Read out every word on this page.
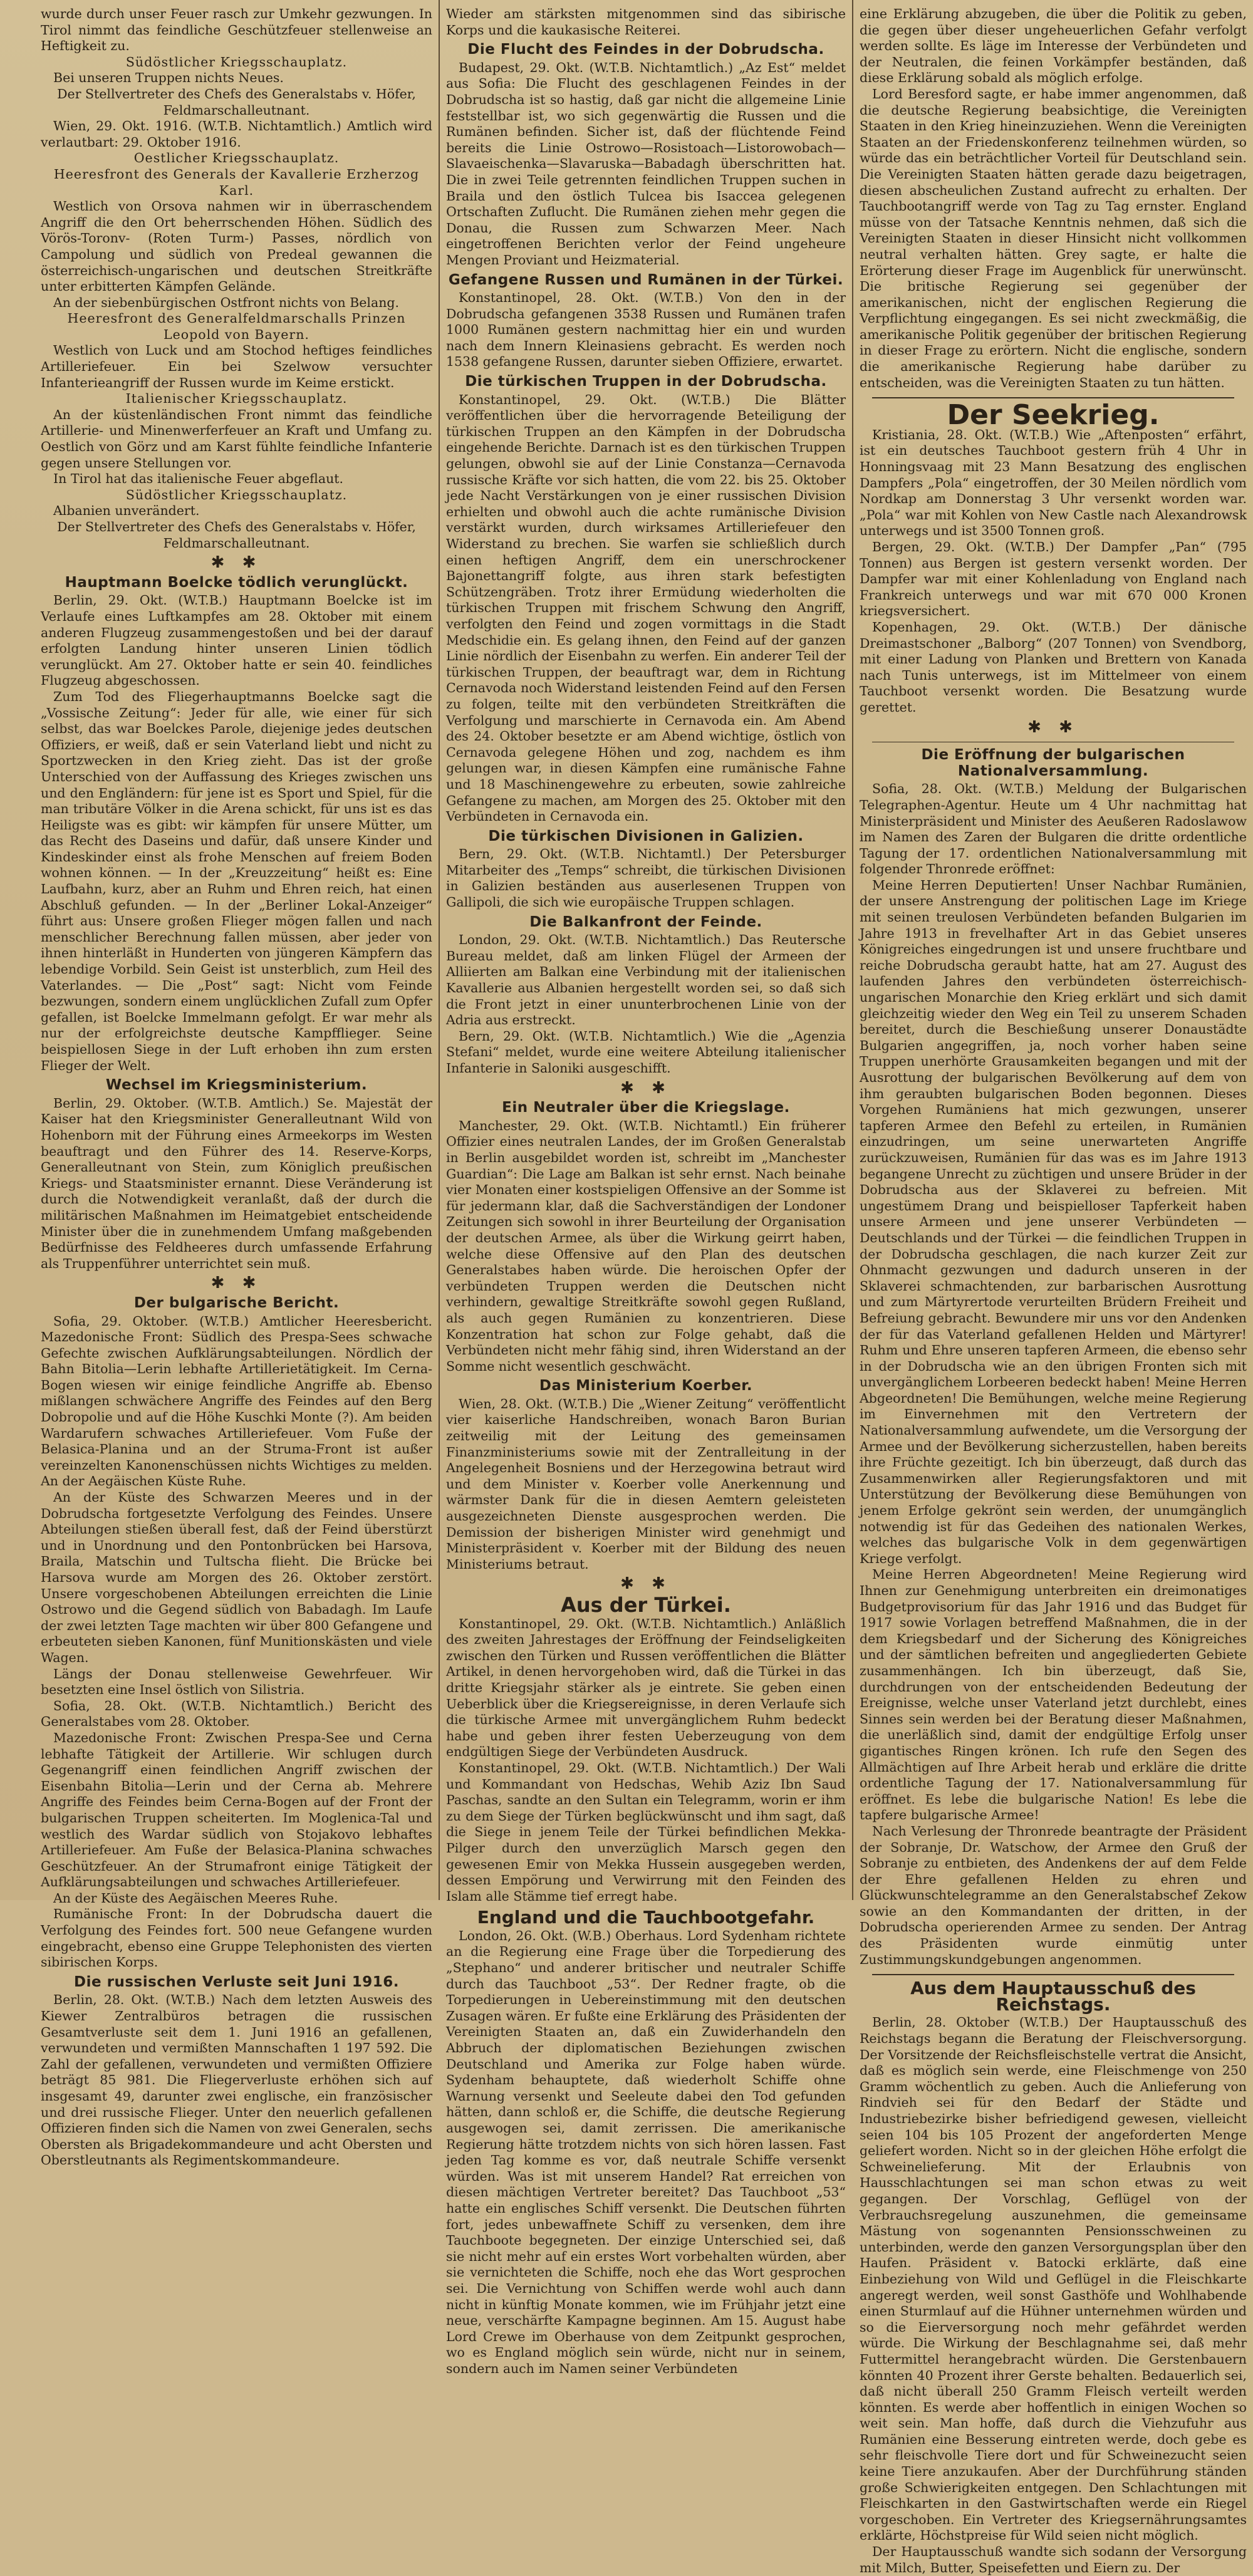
wurde durch unser Feuer rasch zur Umkehr gezwungen. In Tirol nimmt das feindliche Geschützfeuer stellenweise an Heftigkeit zu.

Südöstlicher Kriegsschauplatz.

Bei unseren Truppen nichts Neues.

Der Stellvertreter des Chefs des Generalstabs v. Höfer, Feldmarschalleutnant.

Wien, 29. Okt. 1916. (W.T.B. Nichtamtlich.) Amtlich wird verlautbart: 29. Oktober 1916.

Oestlicher Kriegsschauplatz.

Heeresfront des Generals der Kavallerie Erzherzog Karl.

Westlich von Orsova nahmen wir in überraschendem Angriff die den Ort beherrschenden Höhen. Südlich des Vörös-Toronv- (Roten Turm-) Passes, nördlich von Campolung und südlich von Predeal gewannen die österreichisch-ungarischen und deutschen Streitkräfte unter erbitterten Kämpfen Gelände.

An der siebenbürgischen Ostfront nichts von Belang.

Heeresfront des Generalfeldmarschalls Prinzen Leopold von Bayern.

Westlich von Luck und am Stochod heftiges feindliches Artilleriefeuer. Ein bei Szelwow versuchter Infanterieangriff der Russen wurde im Keime erstickt.

Italienischer Kriegsschauplatz.

An der küstenländischen Front nimmt das feindliche Artillerie- und Minenwerferfeuer an Kraft und Umfang zu. Oestlich von Görz und am Karst fühlte feindliche Infanterie gegen unsere Stellungen vor.

In Tirol hat das italienische Feuer abgeflaut.

Südöstlicher Kriegsschauplatz.

Albanien unverändert.

Der Stellvertreter des Chefs des Generalstabs v. Höfer, Feldmarschalleutnant.

✱ ✱
Hauptmann Boelcke tödlich verunglückt.

Berlin, 29. Okt. (W.T.B.) Hauptmann Boelcke ist im Verlaufe eines Luftkampfes am 28. Oktober mit einem anderen Flugzeug zusammengestoßen und bei der darauf erfolgten Landung hinter unseren Linien tödlich verunglückt. Am 27. Oktober hatte er sein 40. feindliches Flugzeug abgeschossen.

Zum Tod des Fliegerhauptmanns Boelcke sagt die „Vossische Zeitung“: Jeder für alle, wie einer für sich selbst, das war Boelckes Parole, diejenige jedes deutschen Offiziers, er weiß, daß er sein Vaterland liebt und nicht zu Sportzwecken in den Krieg zieht. Das ist der große Unterschied von der Auffassung des Krieges zwischen uns und den Engländern: für jene ist es Sport und Spiel, für die man tributäre Völker in die Arena schickt, für uns ist es das Heiligste was es gibt: wir kämpfen für unsere Mütter, um das Recht des Daseins und dafür, daß unsere Kinder und Kindeskinder einst als frohe Menschen auf freiem Boden wohnen können. — In der „Kreuzzeitung“ heißt es: Eine Laufbahn, kurz, aber an Ruhm und Ehren reich, hat einen Abschluß gefunden. — In der „Berliner Lokal-Anzeiger“ führt aus: Unsere großen Flieger mögen fallen und nach menschlicher Berechnung fallen müssen, aber jeder von ihnen hinterläßt in Hunderten von jüngeren Kämpfern das lebendige Vorbild. Sein Geist ist unsterblich, zum Heil des Vaterlandes. — Die „Post“ sagt: Nicht vom Feinde bezwungen, sondern einem unglücklichen Zufall zum Opfer gefallen, ist Boelcke Immelmann gefolgt. Er war mehr als nur der erfolgreichste deutsche Kampfflieger. Seine beispiellosen Siege in der Luft erhoben ihn zum ersten Flieger der Welt.

Wechsel im Kriegsministerium.

Berlin, 29. Oktober. (W.T.B. Amtlich.) Se. Majestät der Kaiser hat den Kriegsminister Generalleutnant Wild von Hohenborn mit der Führung eines Armeekorps im Westen beauftragt und den Führer des 14. Reserve-Korps, Generalleutnant von Stein, zum Königlich preußischen Kriegs- und Staatsminister ernannt. Diese Veränderung ist durch die Notwendigkeit veranlaßt, daß der durch die militärischen Maßnahmen im Heimatgebiet entscheidende Minister über die in zunehmendem Umfang maßgebenden Bedürfnisse des Feldheeres durch umfassende Erfahrung als Truppenführer unterrichtet sein muß.

✱ ✱
Der bulgarische Bericht.

Sofia, 29. Oktober. (W.T.B.) Amtlicher Heeresbericht. Mazedonische Front: Südlich des Prespa-Sees schwache Gefechte zwischen Aufklärungsabteilungen. Nördlich der Bahn Bitolia—Lerin lebhafte Artillerietätigkeit. Im Cerna-Bogen wiesen wir einige feindliche Angriffe ab. Ebenso mißlangen schwächere Angriffe des Feindes auf den Berg Dobropolie und auf die Höhe Kuschki Monte (?). Am beiden Wardarufern schwaches Artilleriefeuer. Vom Fuße der Belasica-Planina und an der Struma-Front ist außer vereinzelten Kanonenschüssen nichts Wichtiges zu melden. An der Aegäischen Küste Ruhe.

An der Küste des Schwarzen Meeres und in der Dobrudscha fortgesetzte Verfolgung des Feindes. Unsere Abteilungen stießen überall fest, daß der Feind überstürzt und in Unordnung und den Pontonbrücken bei Harsova, Braila, Matschin und Tultscha flieht. Die Brücke bei Harsova wurde am Morgen des 26. Oktober zerstört. Unsere vorgeschobenen Abteilungen erreichten die Linie Ostrowo und die Gegend südlich von Babadagh. Im Laufe der zwei letzten Tage machten wir über 800 Gefangene und erbeuteten sieben Kanonen, fünf Munitionskästen und viele Wagen.

Längs der Donau stellenweise Gewehrfeuer. Wir besetzten eine Insel östlich von Silistria.

Sofia, 28. Okt. (W.T.B. Nichtamtlich.) Bericht des Generalstabes vom 28. Oktober.

Mazedonische Front: Zwischen Prespa-See und Cerna lebhafte Tätigkeit der Artillerie. Wir schlugen durch Gegenangriff einen feindlichen Angriff zwischen der Eisenbahn Bitolia—Lerin und der Cerna ab. Mehrere Angriffe des Feindes beim Cerna-Bogen auf der Front der bulgarischen Truppen scheiterten. Im Moglenica-Tal und westlich des Wardar südlich von Stojakovo lebhaftes Artilleriefeuer. Am Fuße der Belasica-Planina schwaches Geschützfeuer. An der Strumafront einige Tätigkeit der Aufklärungsabteilungen und schwaches Artilleriefeuer.

An der Küste des Aegäischen Meeres Ruhe.

Rumänische Front: In der Dobrudscha dauert die Verfolgung des Feindes fort. 500 neue Gefangene wurden eingebracht, ebenso eine Gruppe Telephonisten des vierten sibirischen Korps.

Die russischen Verluste seit Juni 1916.

Berlin, 28. Okt. (W.T.B.) Nach dem letzten Ausweis des Kiewer Zentralbüros betragen die russischen Gesamtverluste seit dem 1. Juni 1916 an gefallenen, verwundeten und vermißten Mannschaften 1 197 592. Die Zahl der gefallenen, verwundeten und vermißten Offiziere beträgt 85 981. Die Fliegerverluste erhöhen sich auf insgesamt 49, darunter zwei englische, ein französischer und drei russische Flieger. Unter den neuerlich gefallenen Offizieren finden sich die Namen von zwei Generalen, sechs Obersten als Brigadekommandeure und acht Obersten und Oberstleutnants als Regimentskommandeure.

Wieder am stärksten mitgenommen sind das sibirische Korps und die kaukasische Reiterei.

Die Flucht des Feindes in der Dobrudscha.

Budapest, 29. Okt. (W.T.B. Nichtamtlich.) „Az Est“ meldet aus Sofia: Die Flucht des geschlagenen Feindes in der Dobrudscha ist so hastig, daß gar nicht die allgemeine Linie feststellbar ist, wo sich gegenwärtig die Russen und die Rumänen befinden. Sicher ist, daß der flüchtende Feind bereits die Linie Ostrowo—Rosistoach—Listorowobach—Slavaeischenka—Slavaruska—Babadagh überschritten hat. Die in zwei Teile getrennten feindlichen Truppen suchen in Braila und den östlich Tulcea bis Isaccea gelegenen Ortschaften Zuflucht. Die Rumänen ziehen mehr gegen die Donau, die Russen zum Schwarzen Meer. Nach eingetroffenen Berichten verlor der Feind ungeheure Mengen Proviant und Heizmaterial.

Gefangene Russen und Rumänen in der Türkei.

Konstantinopel, 28. Okt. (W.T.B.) Von den in der Dobrudscha gefangenen 3538 Russen und Rumänen trafen 1000 Rumänen gestern nachmittag hier ein und wurden nach dem Innern Kleinasiens gebracht. Es werden noch 1538 gefangene Russen, darunter sieben Offiziere, erwartet.

Die türkischen Truppen in der Dobrudscha.

Konstantinopel, 29. Okt. (W.T.B.) Die Blätter veröffentlichen über die hervorragende Beteiligung der türkischen Truppen an den Kämpfen in der Dobrudscha eingehende Berichte. Darnach ist es den türkischen Truppen gelungen, obwohl sie auf der Linie Constanza—Cernavoda russische Kräfte vor sich hatten, die vom 22. bis 25. Oktober jede Nacht Verstärkungen von je einer russischen Division erhielten und obwohl auch die achte rumänische Division verstärkt wurden, durch wirksames Artilleriefeuer den Widerstand zu brechen. Sie warfen sie schließlich durch einen heftigen Angriff, dem ein unerschrockener Bajonettangriff folgte, aus ihren stark befestigten Schützengräben. Trotz ihrer Ermüdung wiederholten die türkischen Truppen mit frischem Schwung den Angriff, verfolgten den Feind und zogen vormittags in die Stadt Medschidie ein. Es gelang ihnen, den Feind auf der ganzen Linie nördlich der Eisenbahn zu werfen. Ein anderer Teil der türkischen Truppen, der beauftragt war, dem in Richtung Cernavoda noch Widerstand leistenden Feind auf den Fersen zu folgen, teilte mit den verbündeten Streitkräften die Verfolgung und marschierte in Cernavoda ein. Am Abend des 24. Oktober besetzte er am Abend wichtige, östlich von Cernavoda gelegene Höhen und zog, nachdem es ihm gelungen war, in diesen Kämpfen eine rumänische Fahne und 18 Maschinengewehre zu erbeuten, sowie zahlreiche Gefangene zu machen, am Morgen des 25. Oktober mit den Verbündeten in Cernavoda ein.

Die türkischen Divisionen in Galizien.

Bern, 29. Okt. (W.T.B. Nichtamtl.) Der Petersburger Mitarbeiter des „Temps“ schreibt, die türkischen Divisionen in Galizien beständen aus auserlesenen Truppen von Gallipoli, die sich wie europäische Truppen schlagen.

Die Balkanfront der Feinde.

London, 29. Okt. (W.T.B. Nichtamtlich.) Das Reutersche Bureau meldet, daß am linken Flügel der Armeen der Alliierten am Balkan eine Verbindung mit der italienischen Kavallerie aus Albanien hergestellt worden sei, so daß sich die Front jetzt in einer ununterbrochenen Linie von der Adria aus erstreckt.

Bern, 29. Okt. (W.T.B. Nichtamtlich.) Wie die „Agenzia Stefani“ meldet, wurde eine weitere Abteilung italienischer Infanterie in Saloniki ausgeschifft.

✱ ✱
Ein Neutraler über die Kriegslage.

Manchester, 29. Okt. (W.T.B. Nichtamtl.) Ein früherer Offizier eines neutralen Landes, der im Großen Generalstab in Berlin ausgebildet worden ist, schreibt im „Manchester Guardian“: Die Lage am Balkan ist sehr ernst. Nach beinahe vier Monaten einer kostspieligen Offensive an der Somme ist für jedermann klar, daß die Sachverständigen der Londoner Zeitungen sich sowohl in ihrer Beurteilung der Organisation der deutschen Armee, als über die Wirkung geirrt haben, welche diese Offensive auf den Plan des deutschen Generalstabes haben würde. Die heroischen Opfer der verbündeten Truppen werden die Deutschen nicht verhindern, gewaltige Streitkräfte sowohl gegen Rußland, als auch gegen Rumänien zu konzentrieren. Diese Konzentration hat schon zur Folge gehabt, daß die Verbündeten nicht mehr fähig sind, ihren Widerstand an der Somme nicht wesentlich geschwächt.

Das Ministerium Koerber.

Wien, 28. Okt. (W.T.B.) Die „Wiener Zeitung“ veröffentlicht vier kaiserliche Handschreiben, wonach Baron Burian zeitweilig mit der Leitung des gemeinsamen Finanzministeriums sowie mit der Zentralleitung in der Angelegenheit Bosniens und der Herzegowina betraut wird und dem Minister v. Koerber volle Anerkennung und wärmster Dank für die in diesen Aemtern geleisteten ausgezeichneten Dienste ausgesprochen werden. Die Demission der bisherigen Minister wird genehmigt und Ministerpräsident v. Koerber mit der Bildung des neuen Ministeriums betraut.

✱ ✱
Aus der Türkei.

Konstantinopel, 29. Okt. (W.T.B. Nichtamtlich.) Anläßlich des zweiten Jahrestages der Eröffnung der Feindseligkeiten zwischen den Türken und Russen veröffentlichen die Blätter Artikel, in denen hervorgehoben wird, daß die Türkei in das dritte Kriegsjahr stärker als je eintrete. Sie geben einen Ueberblick über die Kriegsereignisse, in deren Verlaufe sich die türkische Armee mit unvergänglichem Ruhm bedeckt habe und geben ihrer festen Ueberzeugung von dem endgültigen Siege der Verbündeten Ausdruck.

Konstantinopel, 29. Okt. (W.T.B. Nichtamtlich.) Der Wali und Kommandant von Hedschas, Wehib Aziz Ibn Saud Paschas, sandte an den Sultan ein Telegramm, worin er ihm zu dem Siege der Türken beglückwünscht und ihm sagt, daß die Siege in jenem Teile der Türkei befindlichen Mekka-Pilger durch den unverzüglich Marsch gegen den gewesenen Emir von Mekka Hussein ausgegeben werden, dessen Empörung und Verwirrung mit den Feinden des Islam alle Stämme tief erregt habe.

England und die Tauchbootgefahr.

London, 26. Okt. (W.B.) Oberhaus. Lord Sydenham richtete an die Regierung eine Frage über die Torpedierung des „Stephano“ und anderer britischer und neutraler Schiffe durch das Tauchboot „53“. Der Redner fragte, ob die Torpedierungen in Uebereinstimmung mit den deutschen Zusagen wären. Er fußte eine Erklärung des Präsidenten der Vereinigten Staaten an, daß ein Zuwiderhandeln den Abbruch der diplomatischen Beziehungen zwischen Deutschland und Amerika zur Folge haben würde. Sydenham behauptete, daß wiederholt Schiffe ohne Warnung versenkt und Seeleute dabei den Tod gefunden hätten, dann schloß er, die Schiffe, die deutsche Regierung ausgewogen sei, damit zerrissen. Die amerikanische Regierung hätte trotzdem nichts von sich hören lassen. Fast jeden Tag komme es vor, daß neutrale Schiffe versenkt würden. Was ist mit unserem Handel? Rat erreichen von diesen mächtigen Vertreter bereitet? Das Tauchboot „53“ hatte ein englisches Schiff versenkt. Die Deutschen führten fort, jedes unbewaffnete Schiff zu versenken, dem ihre Tauchboote begegneten. Der einzige Unterschied sei, daß sie nicht mehr auf ein erstes Wort vorbehalten würden, aber sie vernichteten die Schiffe, noch ehe das Wort gesprochen sei. Die Vernichtung von Schiffen werde wohl auch dann nicht in künftig Monate kommen, wie im Frühjahr jetzt eine neue, verschärfte Kampagne beginnen. Am 15. August habe Lord Crewe im Oberhause von dem Zeitpunkt gesprochen, wo es England möglich sein würde, nicht nur in seinem, sondern auch im Namen seiner Verbündeten

eine Erklärung abzugeben, die über die Politik zu geben, die gegen über dieser ungeheuerlichen Gefahr verfolgt werden sollte. Es läge im Interesse der Verbündeten und der Neutralen, die feinen Vorkämpfer beständen, daß diese Erklärung sobald als möglich erfolge.

Lord Beresford sagte, er habe immer angenommen, daß die deutsche Regierung beabsichtige, die Vereinigten Staaten in den Krieg hineinzuziehen. Wenn die Vereinigten Staaten an der Friedenskonferenz teilnehmen würden, so würde das ein beträchtlicher Vorteil für Deutschland sein. Die Vereinigten Staaten hätten gerade dazu beigetragen, diesen abscheulichen Zustand aufrecht zu erhalten. Der Tauchbootangriff werde von Tag zu Tag ernster. England müsse von der Tatsache Kenntnis nehmen, daß sich die Vereinigten Staaten in dieser Hinsicht nicht vollkommen neutral verhalten hätten. Grey sagte, er halte die Erörterung dieser Frage im Augenblick für unerwünscht. Die britische Regierung sei gegenüber der amerikanischen, nicht der englischen Regierung die Verpflichtung eingegangen. Es sei nicht zweckmäßig, die amerikanische Politik gegenüber der britischen Regierung in dieser Frage zu erörtern. Nicht die englische, sondern die amerikanische Regierung habe darüber zu entscheiden, was die Vereinigten Staaten zu tun hätten.

Der Seekrieg.

Kristiania, 28. Okt. (W.T.B.) Wie „Aftenposten“ erfährt, ist ein deutsches Tauchboot gestern früh 4 Uhr in Honningsvaag mit 23 Mann Besatzung des englischen Dampfers „Pola“ eingetroffen, der 30 Meilen nördlich vom Nordkap am Donnerstag 3 Uhr versenkt worden war. „Pola“ war mit Kohlen von New Castle nach Alexandrowsk unterwegs und ist 3500 Tonnen groß.

Bergen, 29. Okt. (W.T.B.) Der Dampfer „Pan“ (795 Tonnen) aus Bergen ist gestern versenkt worden. Der Dampfer war mit einer Kohlenladung von England nach Frankreich unterwegs und war mit 670 000 Kronen kriegsversichert.

Kopenhagen, 29. Okt. (W.T.B.) Der dänische Dreimastschoner „Balborg“ (207 Tonnen) von Svendborg, mit einer Ladung von Planken und Brettern von Kanada nach Tunis unterwegs, ist im Mittelmeer von einem Tauchboot versenkt worden. Die Besatzung wurde gerettet.

✱ ✱
Die Eröffnung der bulgarischen Nationalversammlung.

Sofia, 28. Okt. (W.T.B.) Meldung der Bulgarischen Telegraphen-Agentur. Heute um 4 Uhr nachmittag hat Ministerpräsident und Minister des Aeußeren Radoslawow im Namen des Zaren der Bulgaren die dritte ordentliche Tagung der 17. ordentlichen Nationalversammlung mit folgender Thronrede eröffnet:

Meine Herren Deputierten! Unser Nachbar Rumänien, der unsere Anstrengung der politischen Lage im Kriege mit seinen treulosen Verbündeten befanden Bulgarien im Jahre 1913 in frevelhafter Art in das Gebiet unseres Königreiches eingedrungen ist und unsere fruchtbare und reiche Dobrudscha geraubt hatte, hat am 27. August des laufenden Jahres den verbündeten österreichisch-ungarischen Monarchie den Krieg erklärt und sich damit gleichzeitig wieder den Weg ein Teil zu unserem Schaden bereitet, durch die Beschießung unserer Donaustädte Bulgarien angegriffen, ja, noch vorher haben seine Truppen unerhörte Grausamkeiten begangen und mit der Ausrottung der bulgarischen Bevölkerung auf dem von ihm geraubten bulgarischen Boden begonnen. Dieses Vorgehen Rumäniens hat mich gezwungen, unserer tapferen Armee den Befehl zu erteilen, in Rumänien einzudringen, um seine unerwarteten Angriffe zurückzuweisen, Rumänien für das was es im Jahre 1913 begangene Unrecht zu züchtigen und unsere Brüder in der Dobrudscha aus der Sklaverei zu befreien. Mit ungestümem Drang und beispielloser Tapferkeit haben unsere Armeen und jene unserer Verbündeten — Deutschlands und der Türkei — die feindlichen Truppen in der Dobrudscha geschlagen, die nach kurzer Zeit zur Ohnmacht gezwungen und dadurch unseren in der Sklaverei schmachtenden, zur barbarischen Ausrottung und zum Märtyrertode verurteilten Brüdern Freiheit und Befreiung gebracht. Bewundere mir uns vor den Andenken der für das Vaterland gefallenen Helden und Märtyrer! Ruhm und Ehre unseren tapferen Armeen, die ebenso sehr in der Dobrudscha wie an den übrigen Fronten sich mit unvergänglichem Lorbeeren bedeckt haben! Meine Herren Abgeordneten! Die Bemühungen, welche meine Regierung im Einvernehmen mit den Vertretern der Nationalversammlung aufwendete, um die Versorgung der Armee und der Bevölkerung sicherzustellen, haben bereits ihre Früchte gezeitigt. Ich bin überzeugt, daß durch das Zusammenwirken aller Regierungsfaktoren und mit Unterstützung der Bevölkerung diese Bemühungen von jenem Erfolge gekrönt sein werden, der unumgänglich notwendig ist für das Gedeihen des nationalen Werkes, welches das bulgarische Volk in dem gegenwärtigen Kriege verfolgt.

Meine Herren Abgeordneten! Meine Regierung wird Ihnen zur Genehmigung unterbreiten ein dreimonatiges Budgetprovisorium für das Jahr 1916 und das Budget für 1917 sowie Vorlagen betreffend Maßnahmen, die in der dem Kriegsbedarf und der Sicherung des Königreiches und der sämtlichen befreiten und angegliederten Gebiete zusammenhängen. Ich bin überzeugt, daß Sie, durchdrungen von der entscheidenden Bedeutung der Ereignisse, welche unser Vaterland jetzt durchlebt, eines Sinnes sein werden bei der Beratung dieser Maßnahmen, die unerläßlich sind, damit der endgültige Erfolg unser gigantisches Ringen krönen. Ich rufe den Segen des Allmächtigen auf Ihre Arbeit herab und erkläre die dritte ordentliche Tagung der 17. Nationalversammlung für eröffnet. Es lebe die bulgarische Nation! Es lebe die tapfere bulgarische Armee!

Nach Verlesung der Thronrede beantragte der Präsident der Sobranje, Dr. Watschow, der Armee den Gruß der Sobranje zu entbieten, des Andenkens der auf dem Felde der Ehre gefallenen Helden zu ehren und Glückwunschtelegramme an den Generalstabschef Zekow sowie an den Kommandanten der dritten, in der Dobrudscha operierenden Armee zu senden. Der Antrag des Präsidenten wurde einmütig unter Zustimmungskundgebungen angenommen.

Aus dem Hauptausschuß des Reichstags.

Berlin, 28. Oktober (W.T.B.) Der Hauptausschuß des Reichstags begann die Beratung der Fleischversorgung. Der Vorsitzende der Reichsfleischstelle vertrat die Ansicht, daß es möglich sein werde, eine Fleischmenge von 250 Gramm wöchentlich zu geben. Auch die Anlieferung von Rindvieh sei für den Bedarf der Städte und Industriebezirke bisher befriedigend gewesen, vielleicht seien 104 bis 105 Prozent der angeforderten Menge geliefert worden. Nicht so in der gleichen Höhe erfolgt die Schweinelieferung. Mit der Erlaubnis von Hausschlachtungen sei man schon etwas zu weit gegangen. Der Vorschlag, Geflügel von der Verbrauchsregelung auszunehmen, die gemeinsame Mästung von sogenannten Pensionsschweinen zu unterbinden, werde den ganzen Versorgungsplan über den Haufen. Präsident v. Batocki erklärte, daß eine Einbeziehung von Wild und Geflügel in die Fleischkarte angeregt werden, weil sonst Gasthöfe und Wohlhabende einen Sturmlauf auf die Hühner unternehmen würden und so die Eierversorgung noch mehr gefährdet werden würde. Die Wirkung der Beschlagnahme sei, daß mehr Futtermittel herangebracht würden. Die Gerstenbauern könnten 40 Prozent ihrer Gerste behalten. Bedauerlich sei, daß nicht überall 250 Gramm Fleisch verteilt werden könnten. Es werde aber hoffentlich in einigen Wochen so weit sein. Man hoffe, daß durch die Viehzufuhr aus Rumänien eine Besserung eintreten werde, doch gebe es sehr fleischvolle Tiere dort und für Schweinezucht seien keine Tiere anzukaufen. Aber der Durchführung ständen große Schwierigkeiten entgegen. Den Schlachtungen mit Fleischkarten in den Gastwirtschaften werde ein Riegel vorgeschoben. Ein Vertreter des Kriegsernährungsamtes erklärte, Höchstpreise für Wild seien nicht möglich.

Der Hauptausschuß wandte sich sodann der Versorgung mit Milch, Butter, Speisefetten und Eiern zu. Der
